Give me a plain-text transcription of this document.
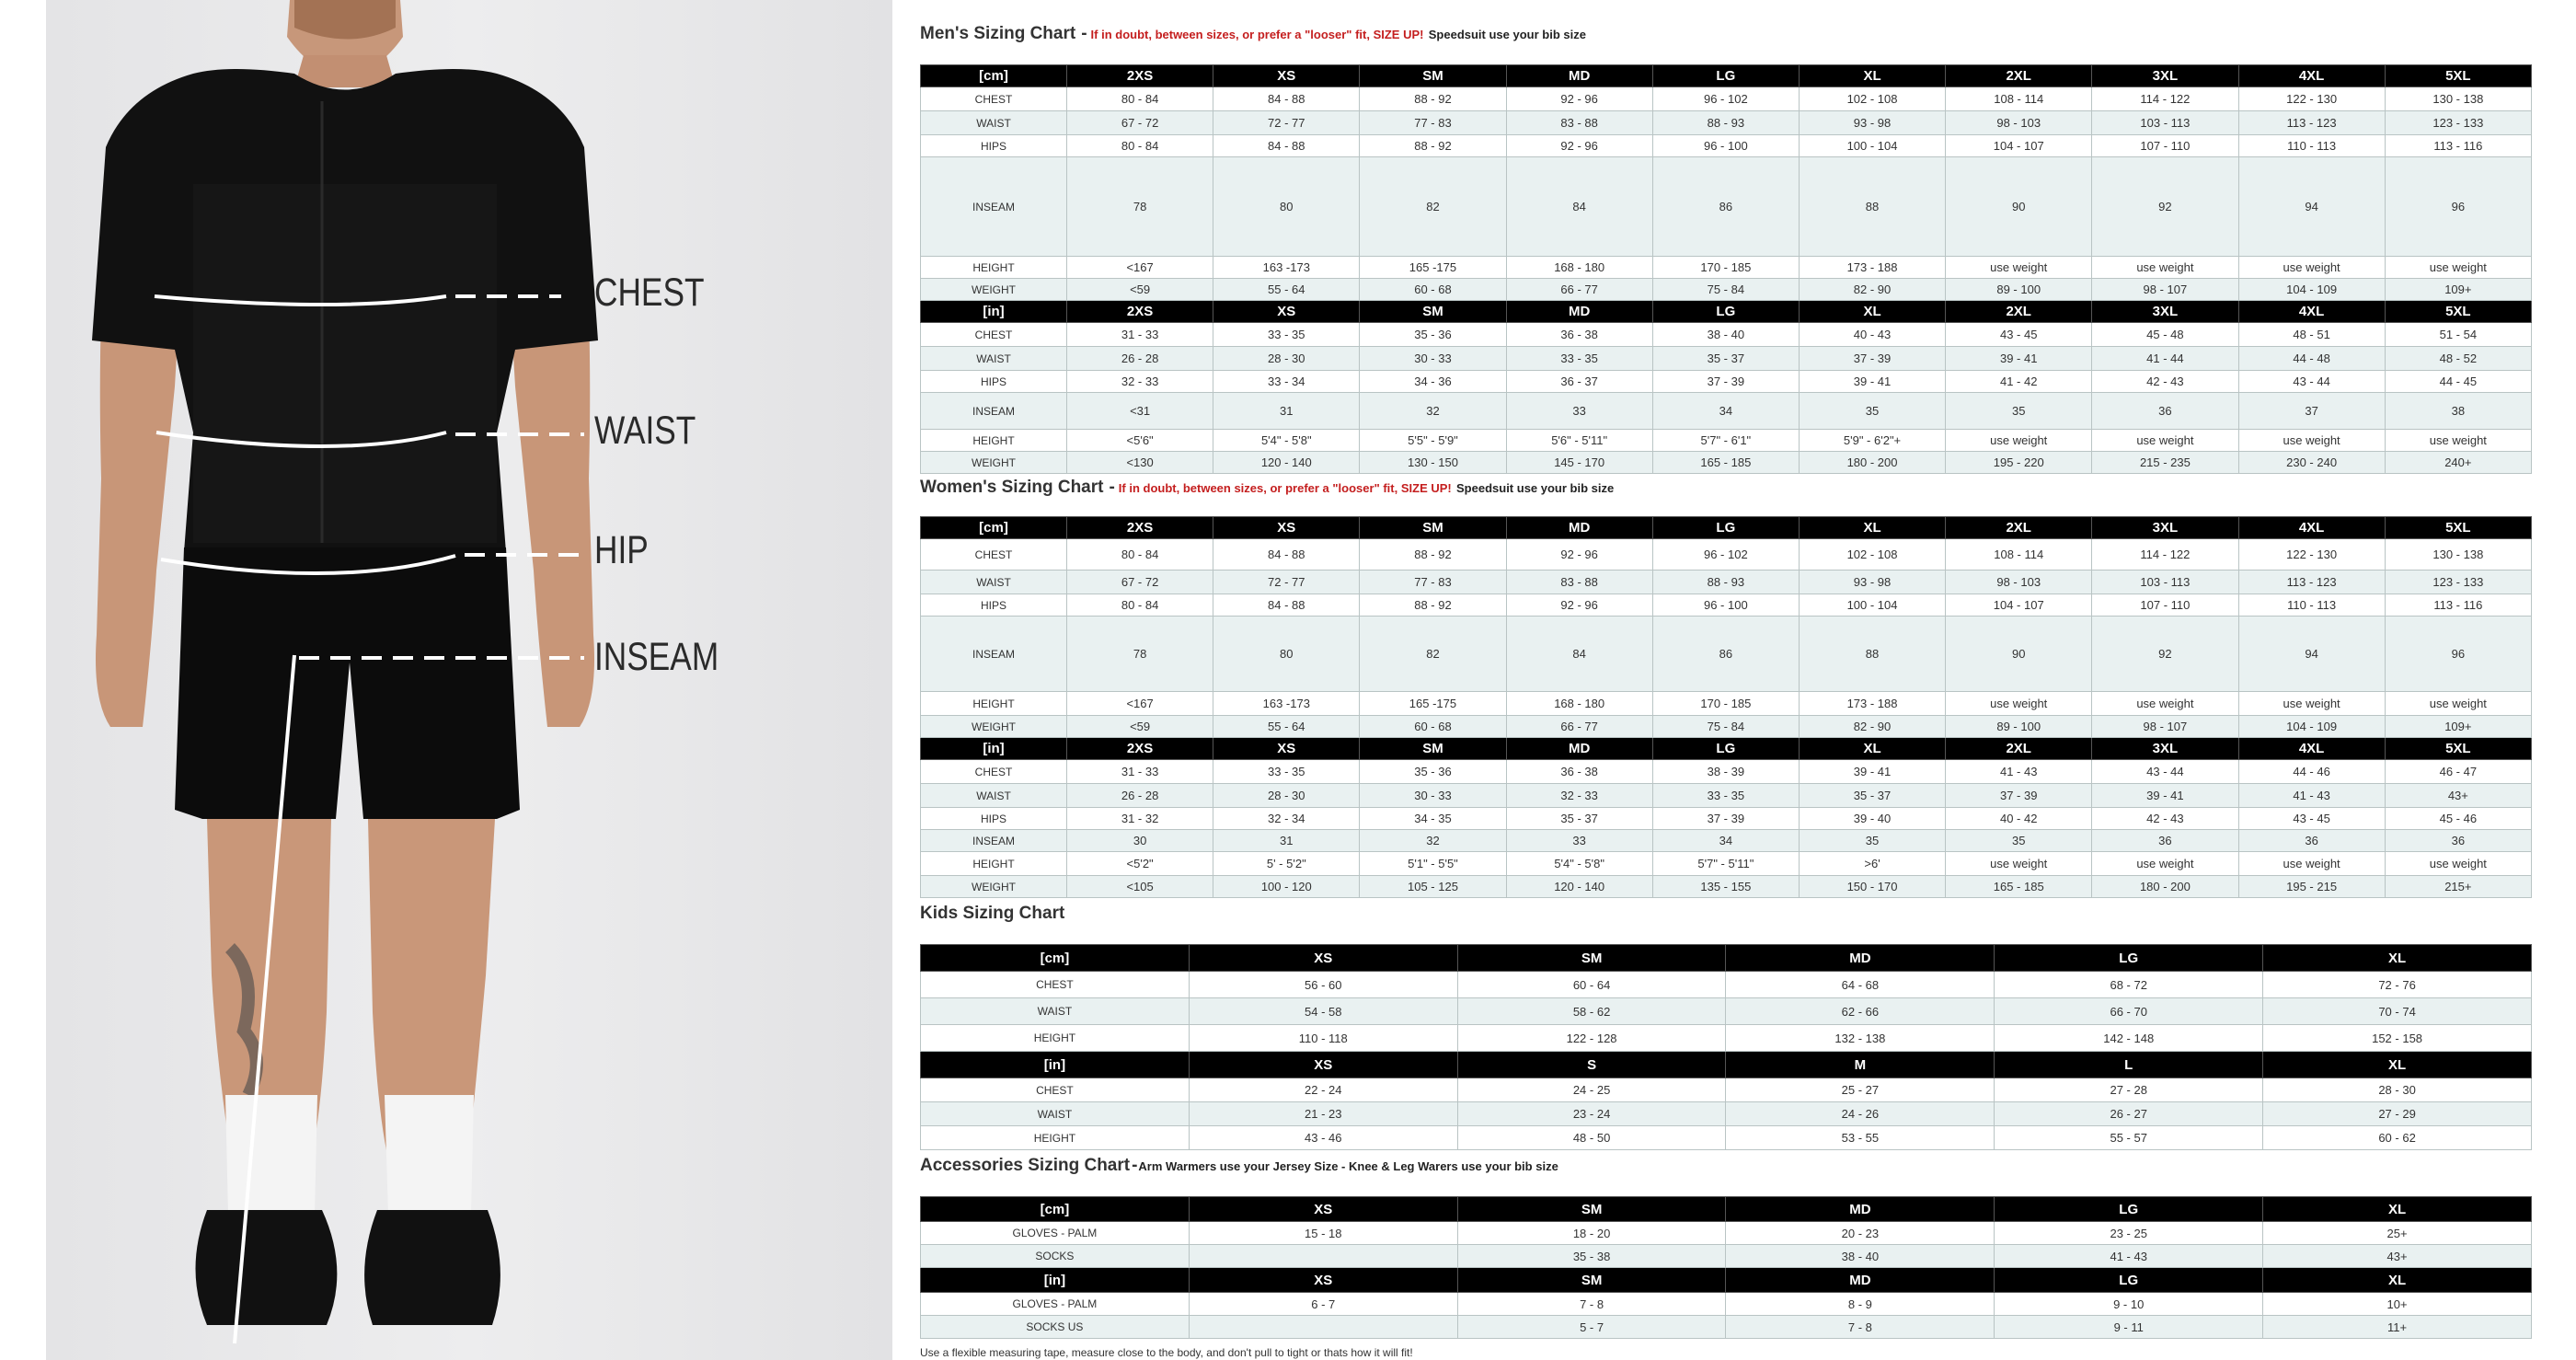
CHEST
WAIST
HIP
INSEAM
Men's Sizing Chart - If in doubt, between sizes, or prefer a "looser" fit, SIZE UP! Speedsuit use your bib size
[cm]	2XS	XS	SM	MD	LG	XL	2XL	3XL	4XL	5XL
CHEST	80 - 84	84 - 88	88 - 92	92 - 96	96 - 102	102 - 108	108 - 114	114 - 122	122 - 130	130 - 138
WAIST	67 - 72	72 - 77	77 - 83	83 - 88	88 - 93	93 - 98	98 - 103	103 - 113	113 - 123	123 - 133
HIPS	80 - 84	84 - 88	88 - 92	92 - 96	96 - 100	100 - 104	104 - 107	107 - 110	110 - 113	113 - 116
INSEAM	78	80	82	84	86	88	90	92	94	96
HEIGHT	<167	163 -173	165 -175	168 - 180	170 - 185	173 - 188	use weight	use weight	use weight	use weight
WEIGHT	<59	55 - 64	60 - 68	66 - 77	75 - 84	82 - 90	89 - 100	98 - 107	104 - 109	109+
[in]	2XS	XS	SM	MD	LG	XL	2XL	3XL	4XL	5XL
CHEST	31 - 33	33 - 35	35 - 36	36 - 38	38 - 40	40 - 43	43 - 45	45 - 48	48 - 51	51 - 54
WAIST	26 - 28	28 - 30	30 - 33	33 - 35	35 - 37	37 - 39	39 - 41	41 - 44	44 - 48	48 - 52
HIPS	32 - 33	33 - 34	34 - 36	36 - 37	37 - 39	39 - 41	41 - 42	42 - 43	43 - 44	44 - 45
INSEAM	<31	31	32	33	34	35	35	36	37	38
HEIGHT	<5'6"	5'4" - 5'8"	5'5" - 5'9"	5'6" - 5'11"	5'7" - 6'1"	5'9" - 6'2"+	use weight	use weight	use weight	use weight
WEIGHT	<130	120 - 140	130 - 150	145 - 170	165 - 185	180 - 200	195 - 220	215 - 235	230 - 240	240+
Women's Sizing Chart - If in doubt, between sizes, or prefer a "looser" fit, SIZE UP! Speedsuit use your bib size
[cm]	2XS	XS	SM	MD	LG	XL	2XL	3XL	4XL	5XL
CHEST	80 - 84	84 - 88	88 - 92	92 - 96	96 - 102	102 - 108	108 - 114	114 - 122	122 - 130	130 - 138
WAIST	67 - 72	72 - 77	77 - 83	83 - 88	88 - 93	93 - 98	98 - 103	103 - 113	113 - 123	123 - 133
HIPS	80 - 84	84 - 88	88 - 92	92 - 96	96 - 100	100 - 104	104 - 107	107 - 110	110 - 113	113 - 116
INSEAM	78	80	82	84	86	88	90	92	94	96
HEIGHT	<167	163 -173	165 -175	168 - 180	170 - 185	173 - 188	use weight	use weight	use weight	use weight
WEIGHT	<59	55 - 64	60 - 68	66 - 77	75 - 84	82 - 90	89 - 100	98 - 107	104 - 109	109+
[in]	2XS	XS	SM	MD	LG	XL	2XL	3XL	4XL	5XL
CHEST	31 - 33	33 - 35	35 - 36	36 - 38	38 - 39	39 - 41	41 - 43	43 - 44	44 - 46	46 - 47
WAIST	26 - 28	28 - 30	30 - 33	32 - 33	33 - 35	35 - 37	37 - 39	39 - 41	41 - 43	43+
HIPS	31 - 32	32 - 34	34 - 35	35 - 37	37 - 39	39 - 40	40 - 42	42 - 43	43 - 45	45 - 46
INSEAM	30	31	32	33	34	35	35	36	36	36
HEIGHT	<5'2"	5' - 5'2"	5'1" - 5'5"	5'4" - 5'8"	5'7" - 5'11"	>6'	use weight	use weight	use weight	use weight
WEIGHT	<105	100 - 120	105 - 125	120 - 140	135 - 155	150 - 170	165 - 185	180 - 200	195 - 215	215+
Kids Sizing Chart
[cm]	XS	SM	MD	LG	XL
CHEST	56 - 60	60 - 64	64 - 68	68 - 72	72 - 76
WAIST	54 - 58	58 - 62	62 - 66	66 - 70	70 - 74
HEIGHT	110 - 118	122 - 128	132 - 138	142 - 148	152 - 158
[in]	XS	S	M	L	XL
CHEST	22 - 24	24 - 25	25 - 27	27 - 28	28 - 30
WAIST	21 - 23	23 - 24	24 - 26	26 - 27	27 - 29
HEIGHT	43 - 46	48 - 50	53 - 55	55 - 57	60 - 62
Accessories Sizing Chart -Arm Warmers use your Jersey Size - Knee & Leg Warers use your bib size
[cm]	XS	SM	MD	LG	XL
GLOVES - PALM	15 - 18	18 - 20	20 - 23	23 - 25	25+
SOCKS		35 - 38	38 - 40	41 - 43	43+
[in]	XS	SM	MD	LG	XL
GLOVES - PALM	6 - 7	7 - 8	8 - 9	9 - 10	10+
SOCKS US		5 - 7	7 - 8	9 - 11	11+
Use a flexible measuring tape, measure close to the body, and don't pull to tight or thats how it will fit!
